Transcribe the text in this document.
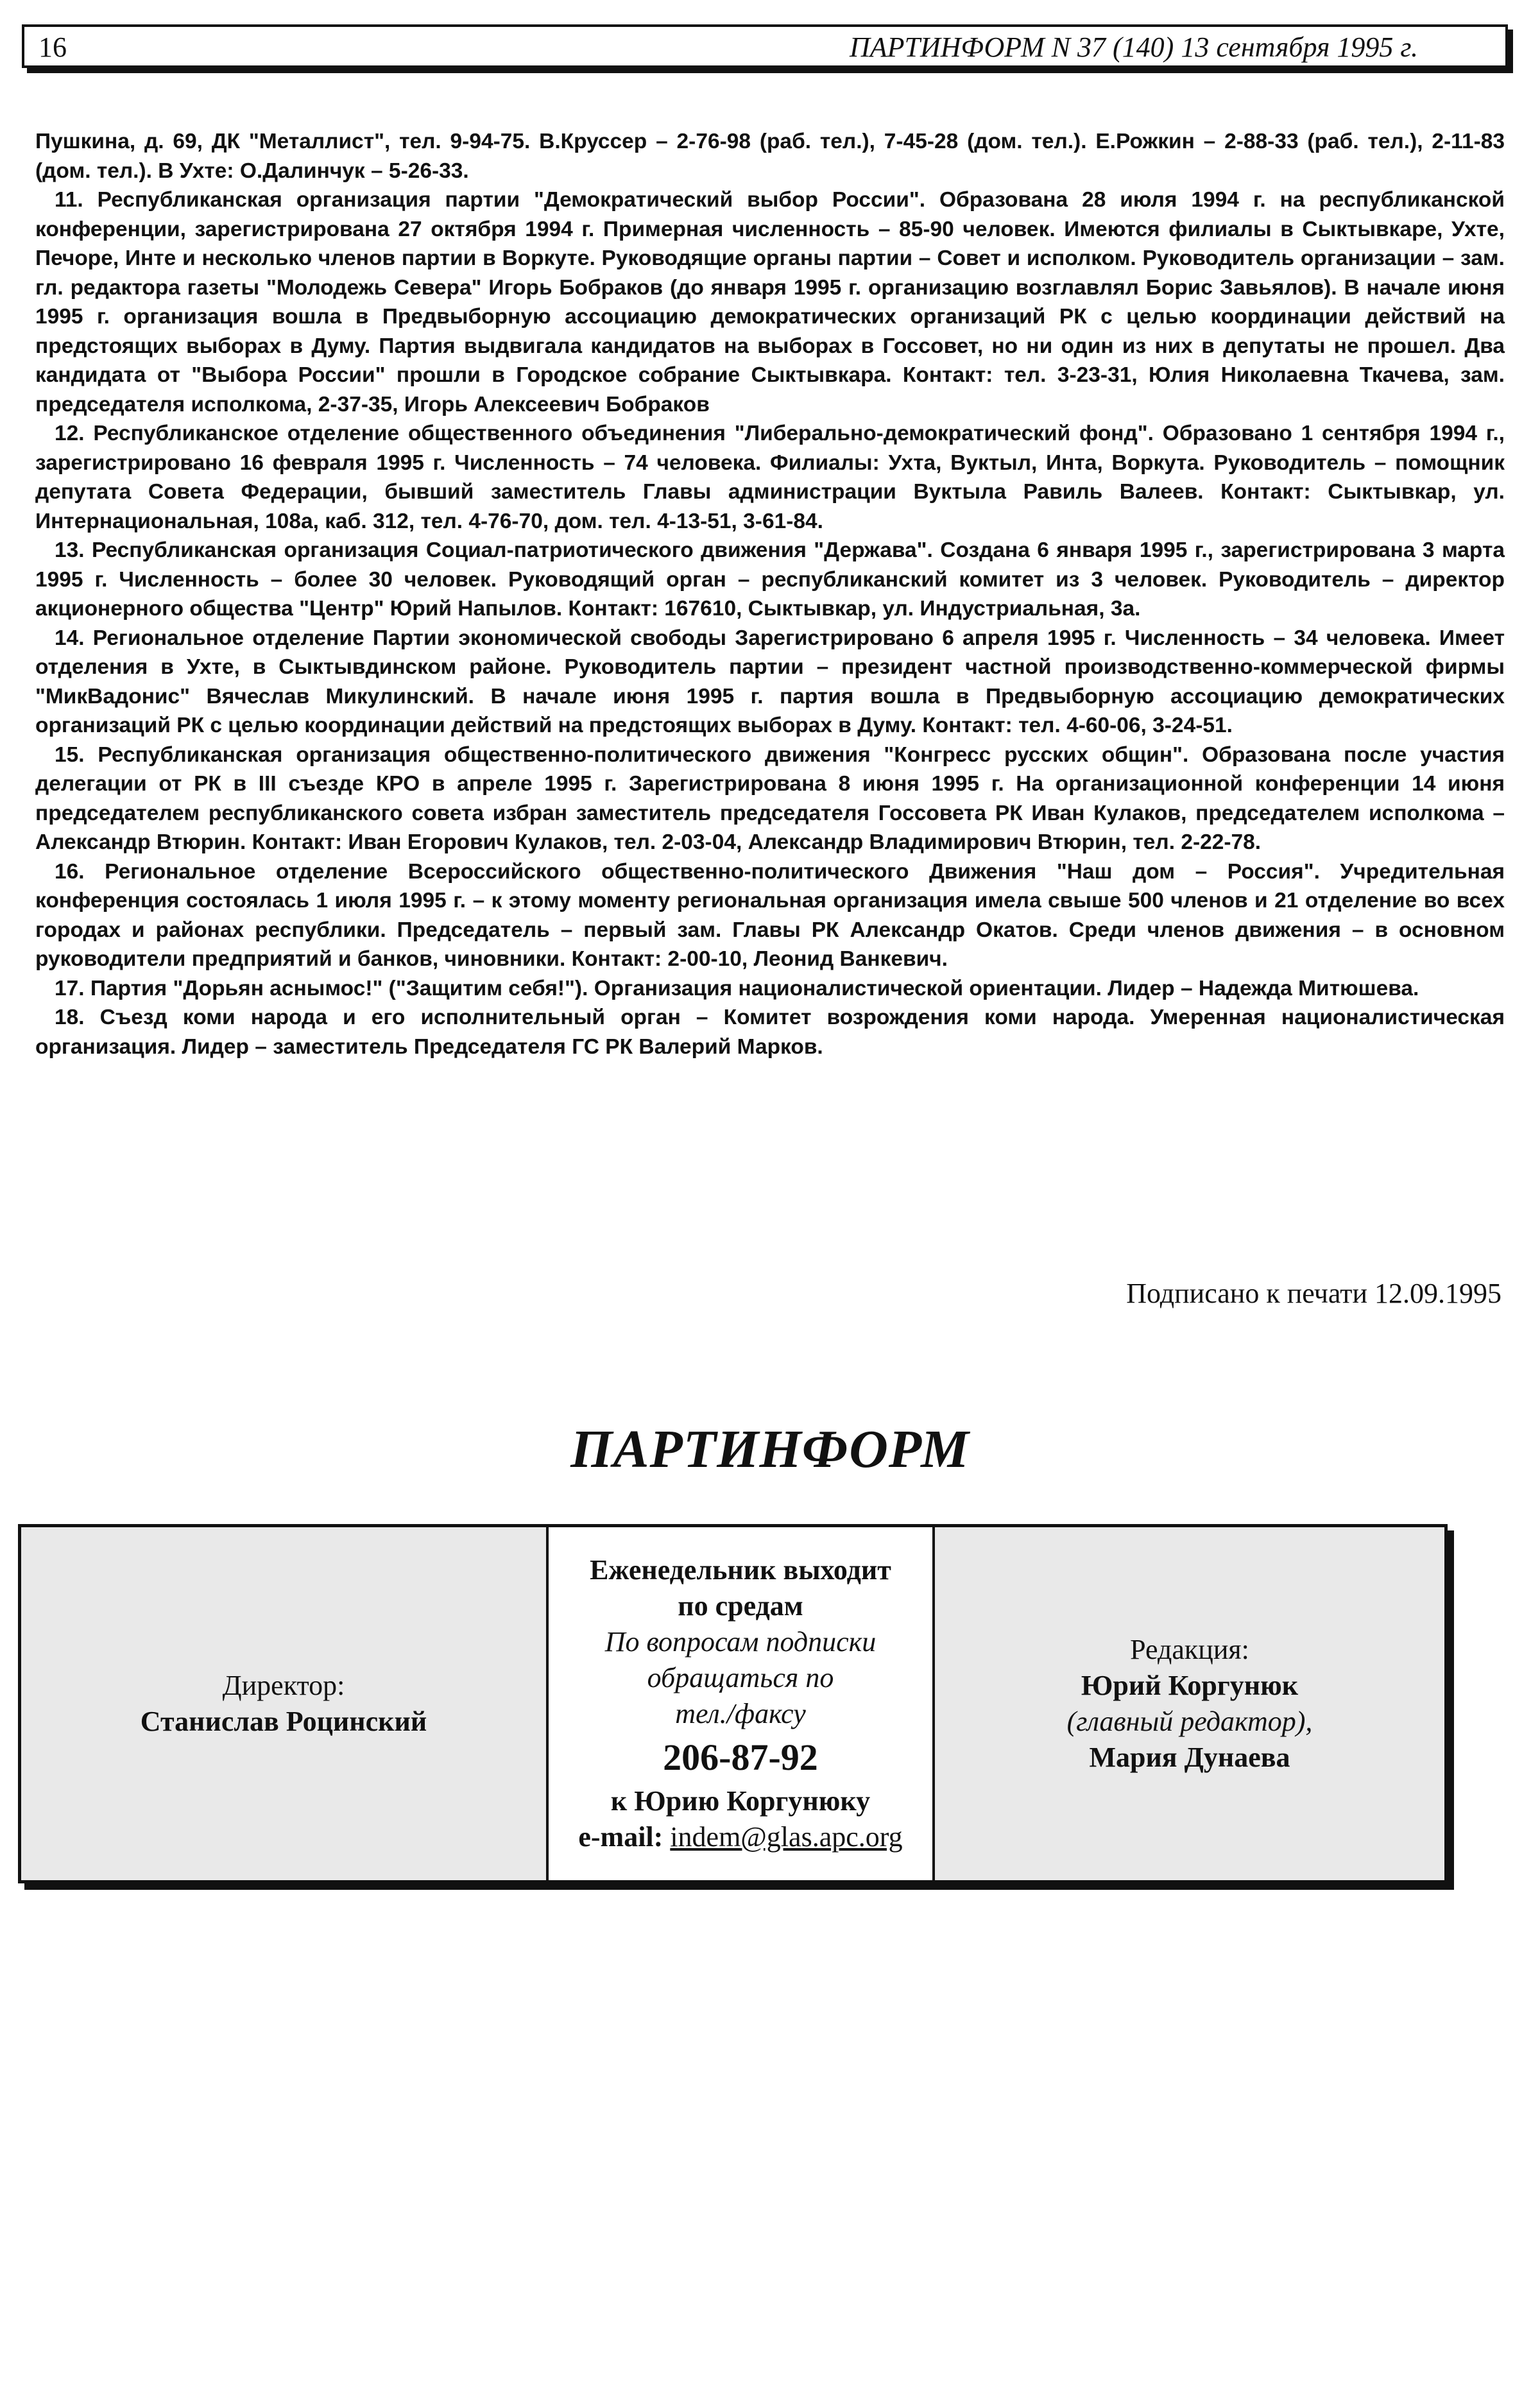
16	ПАРТИНФОРМ N 37 (140) 13 сентября 1995 г.

Пушкина, д. 69, ДК "Металлист", тел. 9-94-75. В.Круссер – 2-76-98 (раб. тел.), 7-45-28 (дом. тел.). Е.Рожкин – 2-88-33 (раб. тел.), 2-11-83 (дом. тел.). В Ухте: О.Далинчук – 5-26-33.

11. Республиканская организация партии "Демократический выбор России". Образована 28 июля 1994 г. на республиканской конференции, зарегистрирована 27 октября 1994 г. Примерная численность – 85-90 человек. Имеются филиалы в Сыктывкаре, Ухте, Печоре, Инте и несколько членов партии в Воркуте. Руководящие органы партии – Совет и исполком. Руководитель организации – зам. гл. редактора газеты "Молодежь Севера" Игорь Бобраков (до января 1995 г. организацию возглавлял Борис Завьялов). В начале июня 1995 г. организация вошла в Предвыборную ассоциацию демократических организаций РК с целью координации действий на предстоящих выборах в Думу. Партия выдвигала кандидатов на выборах в Госсовет, но ни один из них в депутаты не прошел. Два кандидата от "Выбора России" прошли в Городское собрание Сыктывкара. Контакт: тел. 3-23-31, Юлия Николаевна Ткачева, зам. председателя исполкома, 2-37-35, Игорь Алексеевич Бобраков

12. Республиканское отделение общественного объединения "Либерально-демократический фонд". Образовано 1 сентября 1994 г., зарегистрировано 16 февраля 1995 г. Численность – 74 человека. Филиалы: Ухта, Вуктыл, Инта, Воркута. Руководитель – помощник депутата Совета Федерации, бывший заместитель Главы администрации Вуктыла Равиль Валеев. Контакт: Сыктывкар, ул. Интернациональная, 108а, каб. 312, тел. 4-76-70, дом. тел. 4-13-51, 3-61-84.

13. Республиканская организация Социал-патриотического движения "Держава". Создана 6 января 1995 г., зарегистрирована 3 марта 1995 г. Численность – более 30 человек. Руководящий орган – республиканский комитет из 3 человек. Руководитель – директор акционерного общества "Центр" Юрий Напылов. Контакт: 167610, Сыктывкар, ул. Индустриальная, 3а.

14. Региональное отделение Партии экономической свободы Зарегистрировано 6 апреля 1995 г. Численность – 34 человека. Имеет отделения в Ухте, в Сыктывдинском районе. Руководитель партии – президент частной производственно-коммерческой фирмы "МикВадонис" Вячеслав Микулинский. В начале июня 1995 г. партия вошла в Предвыборную ассоциацию демократических организаций РК с целью координации действий на предстоящих выборах в Думу. Контакт: тел. 4-60-06, 3-24-51.

15. Республиканская организация общественно-политического движения "Конгресс русских общин". Образована после участия делегации от РК в III съезде КРО в апреле 1995 г. Зарегистрирована 8 июня 1995 г. На организационной конференции 14 июня председателем республиканского совета избран заместитель председателя Госсовета РК Иван Кулаков, председателем исполкома – Александр Втюрин. Контакт: Иван Егорович Кулаков, тел. 2-03-04, Александр Владимирович Втюрин, тел. 2-22-78.

16. Региональное отделение Всероссийского общественно-политического Движения "Наш дом – Россия". Учредительная конференция состоялась 1 июля 1995 г. – к этому моменту региональная организация имела свыше 500 членов и 21 отделение во всех городах и районах республики. Председатель – первый зам. Главы РК Александр Окатов. Среди членов движения – в основном руководители предприятий и банков, чиновники. Контакт: 2-00-10, Леонид Ванкевич.

17. Партия "Дорьян аснымос!" ("Защитим себя!"). Организация националистической ориентации. Лидер – Надежда Митюшева.

18. Съезд коми народа и его исполнительный орган – Комитет возрождения коми народа. Умеренная националистическая организация. Лидер – заместитель Председателя ГС РК Валерий Марков.

Подписано к печати 12.09.1995
ПАРТИНФОРМ
Директор:
Станислав Роцинский
Еженедельник выходит
по средам
По вопросам подписки
обращаться по
тел./факсу
206-87-92
к Юрию Коргунюку
e-mail: indem@glas.apc.org
Редакция:
Юрий Коргунюк
(главный редактор),
Мария Дунаева
